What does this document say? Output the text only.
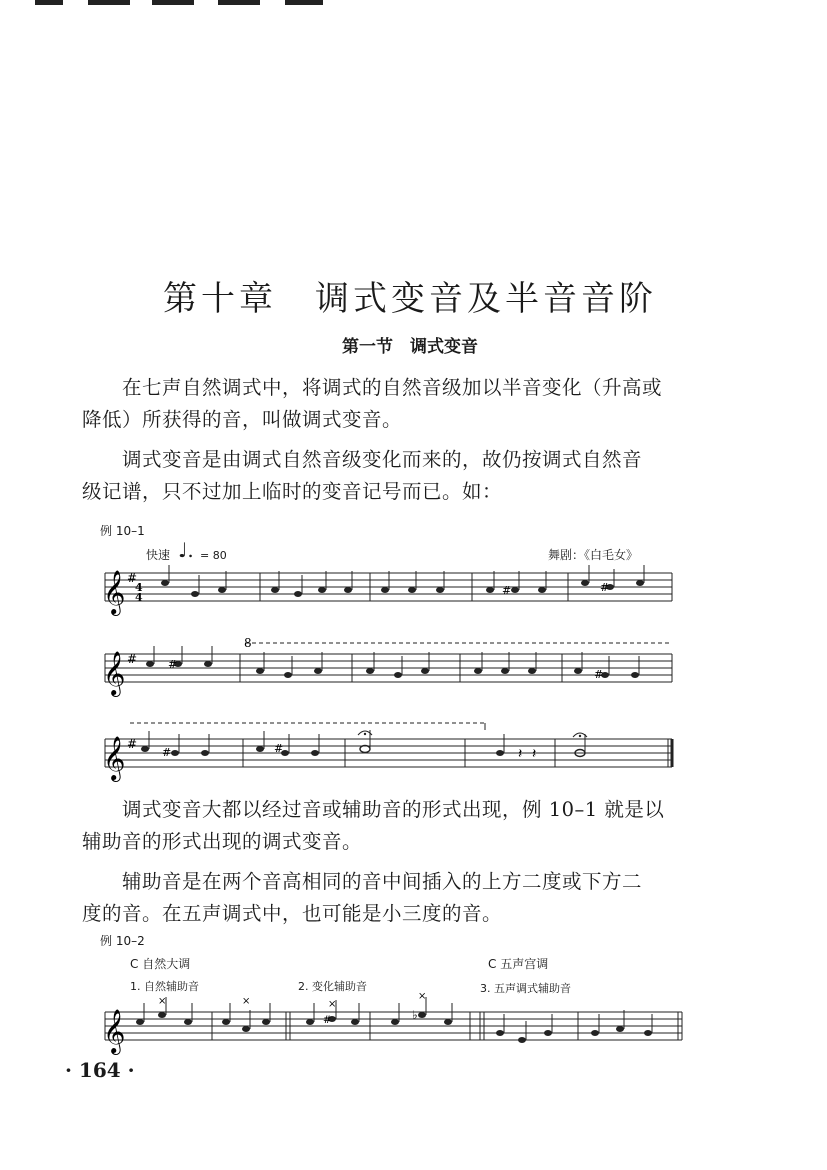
第十章　调式变音及半音音阶
第一节　调式变音
在七声自然调式中，将调式的自然音级加以半音变化（升高或
降低）所获得的音，叫做调式变音。
调式变音是由调式自然音级变化而来的，故仍按调式自然音
级记谱，只不过加上临时的变音记号而已。如：
例 10–1
快速 ♩. = 80	舞剧：《白毛女》
𝄞 #
4
4
#
#
8
𝄞 #	#
#
𝄞 #
#	#	𝄽 𝄽
调式变音大都以经过音或辅助音的形式出现，例 10–1 就是以
辅助音的形式出现的调式变音。
辅助音是在两个音高相同的音中间插入的上方二度或下方二
度的音。在五声调式中，也可能是小三度的音。
例 10–2
C 自然大调	C 五声宫调
1. 自然辅助音	2. 变化辅助音	3. 五声调式辅助音
𝄞
×	×	×
×
#	♭
· 164 ·
